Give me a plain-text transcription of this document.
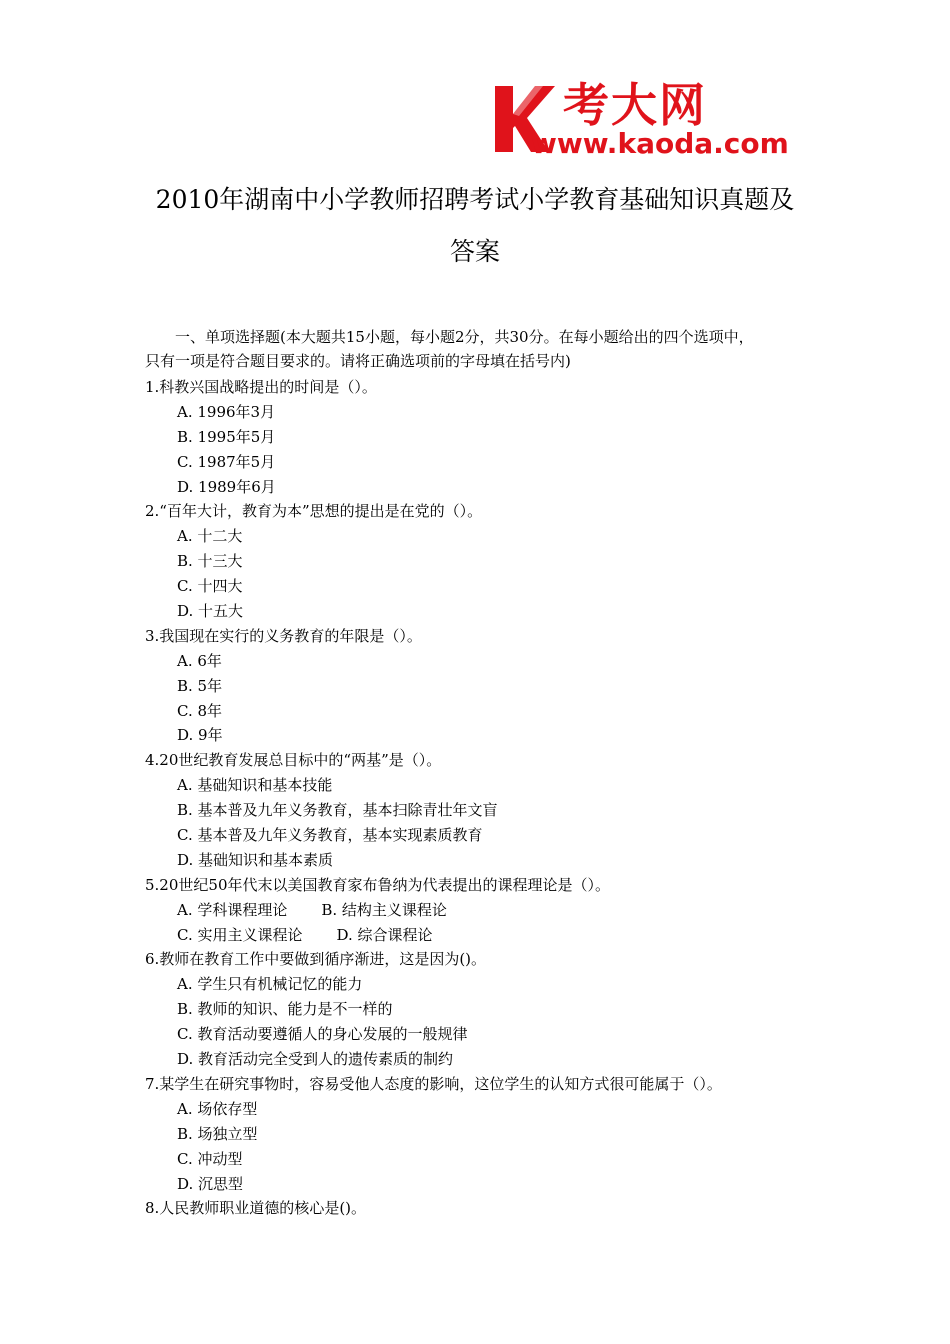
考大网
www.kaoda.com
2010年湖南中小学教师招聘考试小学教育基础知识真题及
答案
一、单项选择题(本大题共15小题，每小题2分，共30分。在每小题给出的四个选项中，
只有一项是符合题目要求的。请将正确选项前的字母填在括号内)
1.科教兴国战略提出的时间是（）。
A. 1996年3月
B. 1995年5月
C. 1987年5月
D. 1989年6月
2.“百年大计，教育为本”思想的提出是在党的（）。
A. 十二大
B. 十三大
C. 十四大
D. 十五大
3.我国现在实行的义务教育的年限是（）。
A. 6年
B. 5年
C. 8年
D. 9年
4.20世纪教育发展总目标中的“两基”是（）。
A. 基础知识和基本技能
B. 基本普及九年义务教育，基本扫除青壮年文盲
C. 基本普及九年义务教育，基本实现素质教育
D. 基础知识和基本素质
5.20世纪50年代末以美国教育家布鲁纳为代表提出的课程理论是（）。
A. 学科课程理论 B. 结构主义课程论
C. 实用主义课程论 D. 综合课程论
6.教师在教育工作中要做到循序渐进，这是因为()。
A. 学生只有机械记忆的能力
B. 教师的知识、能力是不一样的
C. 教育活动要遵循人的身心发展的一般规律
D. 教育活动完全受到人的遗传素质的制约
7.某学生在研究事物时，容易受他人态度的影响，这位学生的认知方式很可能属于（）。
A. 场依存型
B. 场独立型
C. 冲动型
D. 沉思型
8.人民教师职业道德的核心是()。
